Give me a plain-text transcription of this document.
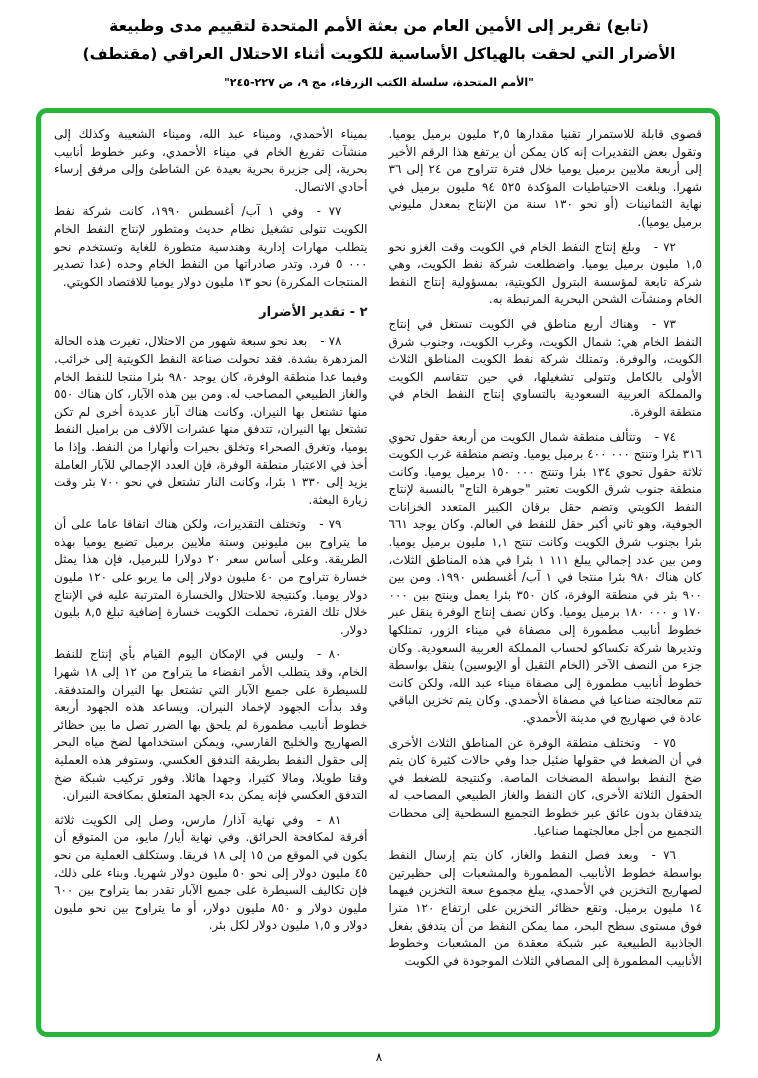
(تابع) تقرير إلى الأمين العام من بعثة الأمم المتحدة لتقييم مدى وطبيعة
الأضرار التي لحقت بالهياكل الأساسية للكويت أثناء الاحتلال العراقي (مقتطف)
"الأمم المتحدة، سلسلة الكتب الزرقاء، مج ٩، ص ٢٢٧-٢٤٥"

قصوى قابلة للاستمرار تقنيا مقدارها ٢,٥ مليون برميل يوميا. وتقول بعض التقديرات إنه كان يمكن أن يرتفع هذا الرقم الأخير إلى أربعة ملايين برميل يوميا خلال فترة تتراوح من ٢٤ إلى ٣٦ شهرا. وبلغت الاحتياطيات المؤكدة ٥٢٥ ٩٤ مليون برميل في نهاية الثمانينات (أو نحو ١٣٠ سنة من الإنتاج بمعدل مليوني برميل يوميا).

٧٢ -وبلغ إنتاج النفط الخام في الكويت وقت الغزو نحو ١,٥ مليون برميل يوميا. واضطلعت شركة نفط الكويت، وهي شركة تابعة لمؤسسة البترول الكويتية، بمسؤولية إنتاج النفط الخام ومنشآت الشحن البحرية المرتبطة به.

٧٣ -وهناك أربع مناطق في الكويت تستغل في إنتاج النفط الخام هي: شمال الكويت، وغرب الكويت، وجنوب شرق الكويت، والوفرة. وتمتلك شركة نفط الكويت المناطق الثلاث الأولى بالكامل وتتولى تشغيلها، في حين تتقاسم الكويت والمملكة العربية السعودية بالتساوي إنتاج النفط الخام في منطقة الوفرة.

٧٤ -وتتألف منطقة شمال الكويت من أربعة حقول تحوي ٣١٦ بئرا وتنتج ٠٠٠ ٤٠٠ برميل يوميا. وتضم منطقة غرب الكويت ثلاثة حقول تحوي ١٣٤ بئرا وتنتج ٠٠٠ ١٥٠ برميل يوميا. وكانت منطقة جنوب شرق الكويت تعتبر "جوهرة التاج" بالنسبة لإنتاج النفط الكويتي وتضم حقل برقان الكبير المتعدد الخزانات الجوفية، وهو ثاني أكبر حقل للنفط في العالم. وكان يوجد ٦٦١ بئرا بجنوب شرق الكويت وكانت تنتج ١,١ مليون برميل يوميا. ومن بين عدد إجمالي يبلغ ١١١ ١ بئرا في هذه المناطق الثلاث، كان هناك ٩٨٠ بئرا منتجا في ١ آب/ أغسطس ١٩٩٠. ومن بين ٩٠٠ بئر في منطقة الوفرة، كان ٣٥٠ بئرا يعمل وينتج بين ٠٠٠ ١٧٠ و ٠٠٠ ١٨٠ برميل يوميا. وكان نصف إنتاج الوفرة ينقل عبر خطوط أنابيب مطمورة إلى مصفاة في ميناء الزور، تمتلكها وتديرها شركة تكساكو لحساب المملكة العربية السعودية. وكان جزء من النصف الآخر (الخام الثقيل أو الإيوسين) ينقل بواسطة خطوط أنابيب مطمورة إلى مصفاة ميناء عبد الله، ولكن كانت تتم معالجته صناعيا في مصفاة الأحمدي. وكان يتم تخزين الباقي عادة في صهاريج في مدينة الأحمدي.

٧٥ -وتختلف منطقة الوفرة عن المناطق الثلاث الأخرى في أن الضغط في حقولها ضئيل جدا وفي حالات كثيرة كان يتم ضخ النفط بواسطة المضخات الماصة. وكنتيجة للضغط في الحقول الثلاثة الأخرى، كان النفط والغاز الطبيعي المصاحب له يتدفقان بدون عائق عبر خطوط التجميع السطحية إلى محطات التجميع من أجل معالجتهما صناعيا.

٧٦ -وبعد فصل النفط والغاز، كان يتم إرسال النفط بواسطة خطوط الأنابيب المطمورة والمشعبات إلى حظيرتين لصهاريج التخزين في الأحمدي، يبلغ مجموع سعة التخزين فيهما ١٤ مليون برميل. وتقع حظائر التخزين على ارتفاع ١٢٠ مترا فوق مستوى سطح البحر، مما يمكن النفط من أن يتدفق بفعل الجاذبية الطبيعية عبر شبكة معقدة من المشعبات وخطوط الأنابيب المطمورة إلى المصافي الثلاث الموجودة في الكويت

بميناء الأحمدي، وميناء عبد الله، وميناء الشعيبة وكذلك إلى منشآت تفريغ الخام في ميناء الأحمدي، وعبر خطوط أنابيب بحرية، إلى جزيرة بحرية بعيدة عن الشاطئ وإلى مرفق إرساء أحادي الاتصال.

٧٧ -وفي ١ آب/ أغسطس ١٩٩٠، كانت شركة نفط الكويت تتولى تشغيل نظام حديث ومتطور لإنتاج النفط الخام يتطلب مهارات إدارية وهندسية متطورة للغاية وتستخدم نحو ٠٠٠ ٥ فرد. وتدر صادراتها من النفط الخام وحده (عدا تصدير المنتجات المكررة) نحو ١٣ مليون دولار يوميا للاقتصاد الكويتي.

٢ - تقدير الأضرار

٧٨ -بعد نحو سبعة شهور من الاحتلال، تغيرت هذه الحالة المزدهرة بشدة. فقد تحولت صناعة النفط الكويتية إلى خرائب. وفيما عدا منطقة الوفرة، كان يوجد ٩٨٠ بئرا منتجا للنفط الخام والغاز الطبيعي المصاحب له. ومن بين هذه الآبار، كان هناك ٥٥٠ منها تشتعل بها النيران. وكانت هناك آبار عديدة أخرى لم تكن تشتعل بها النيران، تتدفق منها عشرات الآلاف من براميل النفط يوميا، وتغرق الصحراء وتخلق بحيرات وأنهارا من النفط. وإذا ما أخذ في الاعتبار منطقة الوفرة، فإن العدد الإجمالي للآبار العاملة يزيد إلى ٣٣٠ ١ بئرا، وكانت النار تشتعل في نحو ٧٠٠ بئر وقت زيارة البعثة.

٧٩ -وتختلف التقديرات، ولكن هناك اتفاقا عاما على أن ما يتراوح بين مليونين وستة ملايين برميل تضيع يوميا بهذه الطريقة. وعلى أساس سعر ٢٠ دولارا للبرميل، فإن هذا يمثل خسارة تتراوح من ٤٠ مليون دولار إلى ما يربو على ١٢٠ مليون دولار يوميا. وكنتيجة للاحتلال والخسارة المترتبة عليه في الإنتاج خلال تلك الفترة، تحملت الكويت خسارة إضافية تبلغ ٨,٥ بليون دولار.

٨٠ -وليس في الإمكان اليوم القيام بأي إنتاج للنفط الخام، وقد يتطلب الأمر انقضاء ما يتراوح من ١٢ إلى ١٨ شهرا للسيطرة على جميع الآبار التي تشتعل بها النيران والمتدفقة. وقد بدأت الجهود لإخماد النيران. ويساعد هذه الجهود أربعة خطوط أنابيب مطمورة لم يلحق بها الضرر تصل ما بين حظائر الصهاريج والخليج الفارسي، ويمكن استخدامها لضخ مياه البحر إلى حقول النفط بطريقة التدفق العكسي. وستوفر هذه العملية وقتا طويلا، ومالا كثيرا، وجهدا هائلا. وفور تركيب شبكة ضخ التدفق العكسي فإنه يمكن بدء الجهد المتعلق بمكافحة النيران.

٨١ -وفي نهاية آذار/ مارس، وصل إلى الكويت ثلاثة أفرقة لمكافحة الحرائق. وفي نهاية أيار/ مايو، من المتوقع أن يكون في الموقع من ١٥ إلى ١٨ فريقا. وستكلف العملية من نحو ٤٥ مليون دولار إلى نحو ٥٠ مليون دولار شهريا. وبناء على ذلك، فإن تكاليف السيطرة على جميع الآبار تقدر بما يتراوح بين ٦٠٠ مليون دولار و ٨٥٠ مليون دولار، أو ما يتراوح بين نحو مليون دولار و ١,٥ مليون دولار لكل بئر.

٨
